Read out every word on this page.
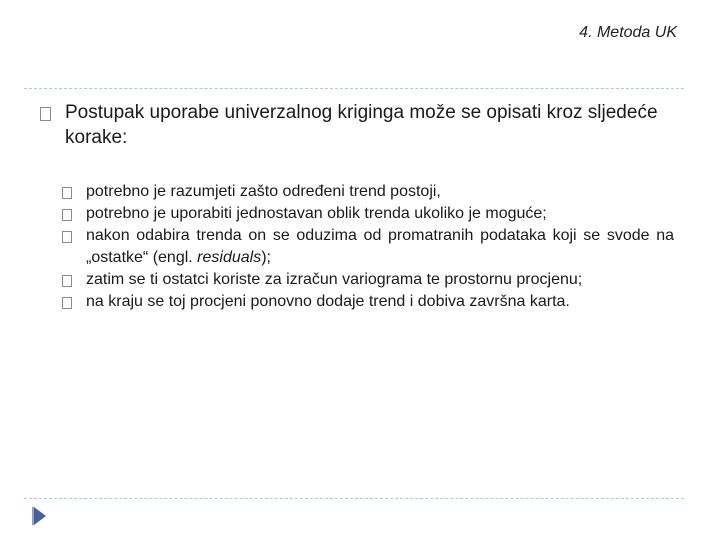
4. Metoda UK
Postupak uporabe univerzalnog kriginga može se opisati kroz sljedeće korake:
potrebno je razumjeti zašto određeni trend postoji,
potrebno je uporabiti jednostavan oblik trenda ukoliko je moguće;
nakon odabira trenda on se oduzima od promatranih podataka koji se svode na „ostatke“ (engl. residuals);
zatim se ti ostatci koriste za izračun variograma te prostornu procjenu;
na kraju se toj procjeni ponovno dodaje trend i dobiva završna karta.
